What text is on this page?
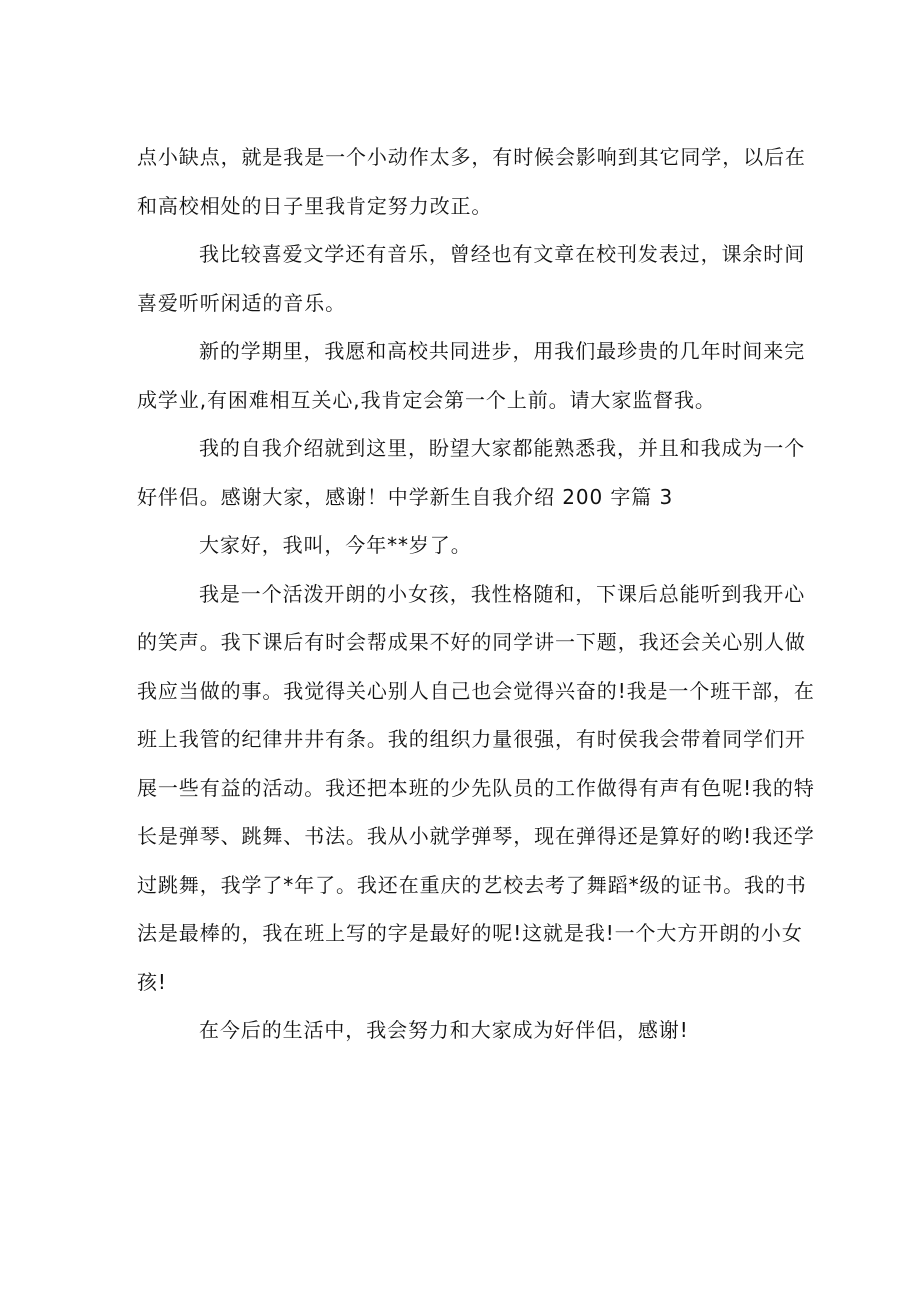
点小缺点，就是我是一个小动作太多，有时候会影响到其它同学，以后在
和高校相处的日子里我肯定努力改正。

我比较喜爱文学还有音乐，曾经也有文章在校刊发表过，课余时间
喜爱听听闲适的音乐。

新的学期里，我愿和高校共同进步，用我们最珍贵的几年时间来完
成学业,有困难相互关心,我肯定会第一个上前。请大家监督我。

我的自我介绍就到这里，盼望大家都能熟悉我，并且和我成为一个
好伴侣。感谢大家，感谢！中学新生自我介绍 200 字篇 3

大家好，我叫，今年**岁了。

我是一个活泼开朗的小女孩，我性格随和，下课后总能听到我开心
的笑声。我下课后有时会帮成果不好的同学讲一下题，我还会关心别人做
我应当做的事。我觉得关心别人自己也会觉得兴奋的!我是一个班干部，在
班上我管的纪律井井有条。我的组织力量很强，有时侯我会带着同学们开
展一些有益的活动。我还把本班的少先队员的工作做得有声有色呢!我的特
长是弹琴、跳舞、书法。我从小就学弹琴，现在弹得还是算好的哟!我还学
过跳舞，我学了*年了。我还在重庆的艺校去考了舞蹈*级的证书。我的书
法是最棒的，我在班上写的字是最好的呢!这就是我!一个大方开朗的小女
孩!

在今后的生活中，我会努力和大家成为好伴侣，感谢!
